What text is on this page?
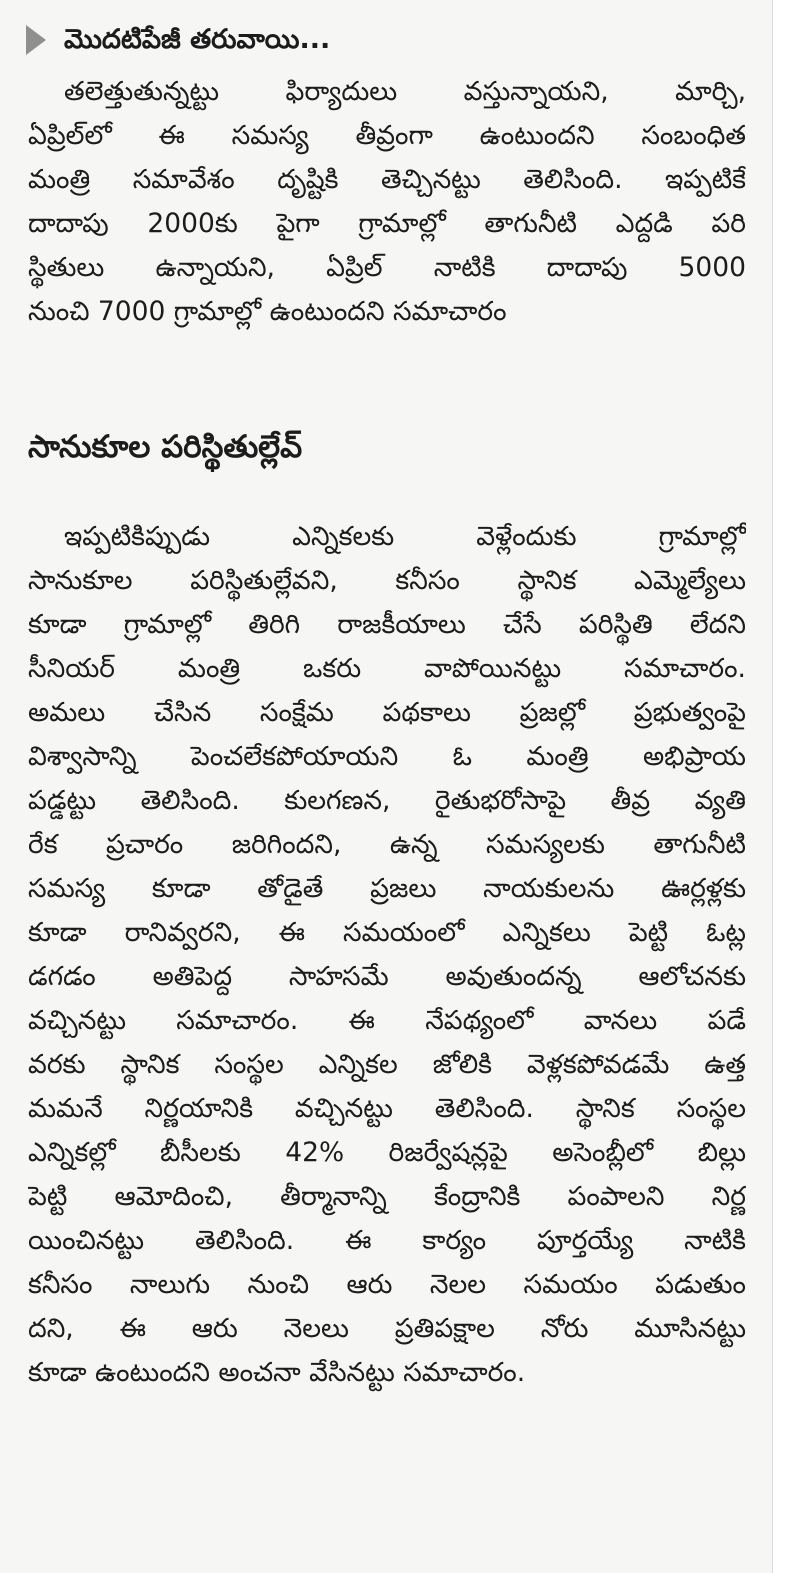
మొదటిపేజీ తరువాయి...
తలెత్తుతున్నట్టు ఫిర్యాదులు వస్తున్నాయని, మార్చి,
ఏప్రిల్‌లో ఈ సమస్య తీవ్రంగా ఉంటుందని సంబంధిత
మంత్రి సమావేశం దృష్టికి తెచ్చినట్టు తెలిసింది. ఇప్పటికే
దాదాపు 2000కు పైగా గ్రామాల్లో తాగునీటి ఎద్దడి పరి
స్థితులు ఉన్నాయని, ఏప్రిల్ నాటికి దాదాపు 5000
నుంచి 7000 గ్రామాల్లో ఉంటుందని సమాచారం
సానుకూల పరిస్థితుల్లేవ్
ఇప్పటికిప్పుడు ఎన్నికలకు వెళ్లేందుకు గ్రామాల్లో
సానుకూల పరిస్థితుల్లేవని, కనీసం స్థానిక ఎమ్మెల్యేలు
కూడా గ్రామాల్లో తిరిగి రాజకీయాలు చేసే పరిస్థితి లేదని
సీనియర్ మంత్రి ఒకరు వాపోయినట్టు సమాచారం.
అమలు చేసిన సంక్షేమ పథకాలు ప్రజల్లో ప్రభుత్వంపై
విశ్వాసాన్ని పెంచలేకపోయాయని ఓ మంత్రి అభిప్రాయ
పడ్డట్టు తెలిసింది. కులగణన, రైతుభరోసాపై తీవ్ర వ్యతి
రేక ప్రచారం జరిగిందని, ఉన్న సమస్యలకు తాగునీటి
సమస్య కూడా తోడైతే ప్రజలు నాయకులను ఊర్లళ్లకు
కూడా రానివ్వరని, ఈ సమయంలో ఎన్నికలు పెట్టి ఓట్ల
డగడం అతిపెద్ద సాహసమే అవుతుందన్న ఆలోచనకు
వచ్చినట్టు సమాచారం. ఈ నేపథ్యంలో వానలు పడే
వరకు స్థానిక సంస్థల ఎన్నికల జోలికి వెళ్లకపోవడమే ఉత్త
మమనే నిర్ణయానికి వచ్చినట్టు తెలిసింది. స్థానిక సంస్థల
ఎన్నికల్లో బీసీలకు 42% రిజర్వేషన్లపై అసెంబ్లీలో బిల్లు
పెట్టి ఆమోదించి, తీర్మానాన్ని కేంద్రానికి పంపాలని నిర్ణ
యించినట్టు తెలిసింది. ఈ కార్యం పూర్తయ్యే నాటికి
కనీసం నాలుగు నుంచి ఆరు నెలల సమయం పడుతుం
దని, ఈ ఆరు నెలలు ప్రతిపక్షాల నోరు మూసినట్టు
కూడా ఉంటుందని అంచనా వేసినట్టు సమాచారం.
